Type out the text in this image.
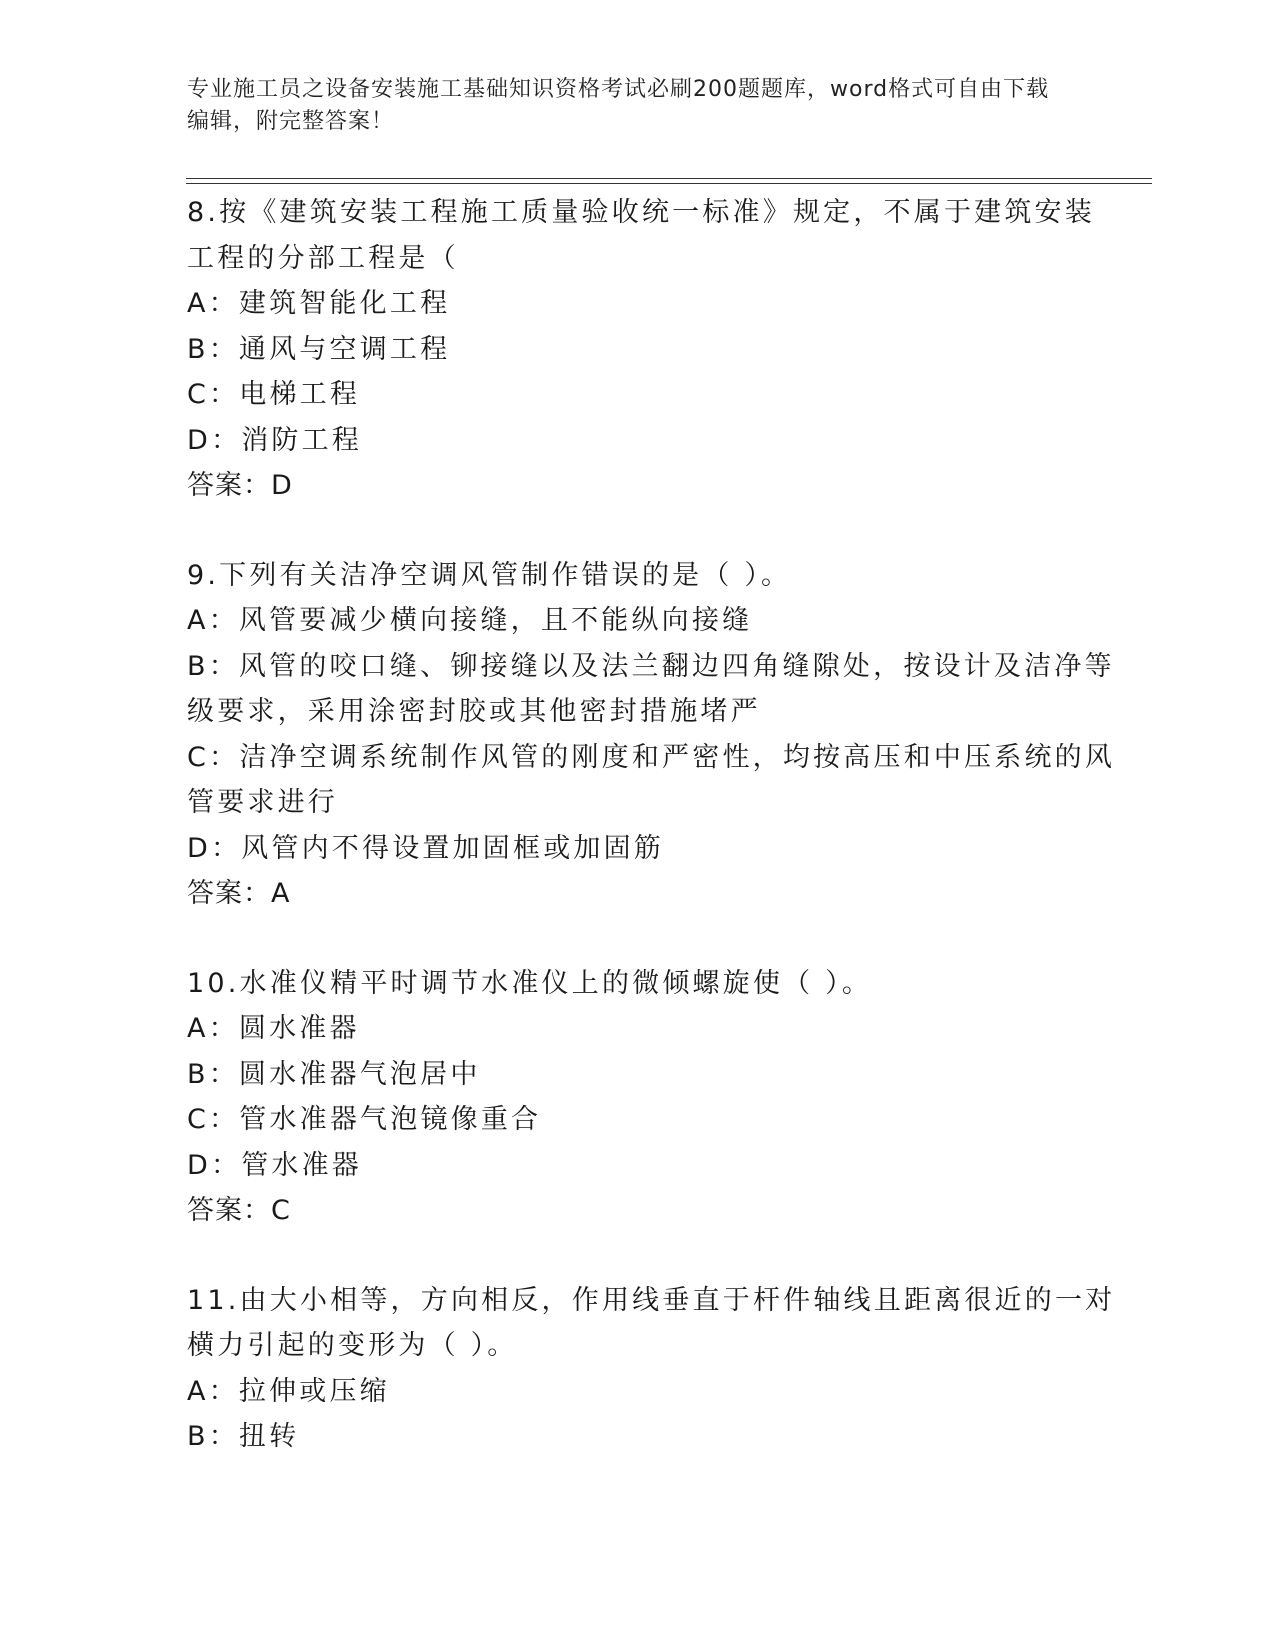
专业施工员之设备安装施工基础知识资格考试必刷200题题库，word格式可自由下载编辑，附完整答案！
8.按《建筑安装工程施工质量验收统一标准》规定，不属于建筑安装
工程的分部工程是（
A：建筑智能化工程
B：通风与空调工程
C：电梯工程
D：消防工程
答案：D
9.下列有关洁净空调风管制作错误的是（ ）。
A：风管要减少横向接缝，且不能纵向接缝
B：风管的咬口缝、铆接缝以及法兰翻边四角缝隙处，按设计及洁净等
级要求，采用涂密封胶或其他密封措施堵严
C：洁净空调系统制作风管的刚度和严密性，均按高压和中压系统的风
管要求进行
D：风管内不得设置加固框或加固筋
答案：A
10.水准仪精平时调节水准仪上的微倾螺旋使（ ）。
A：圆水准器
B：圆水准器气泡居中
C：管水准器气泡镜像重合
D：管水准器
答案：C
11.由大小相等，方向相反，作用线垂直于杆件轴线且距离很近的一对
横力引起的变形为（ ）。
A：拉伸或压缩
B：扭转
